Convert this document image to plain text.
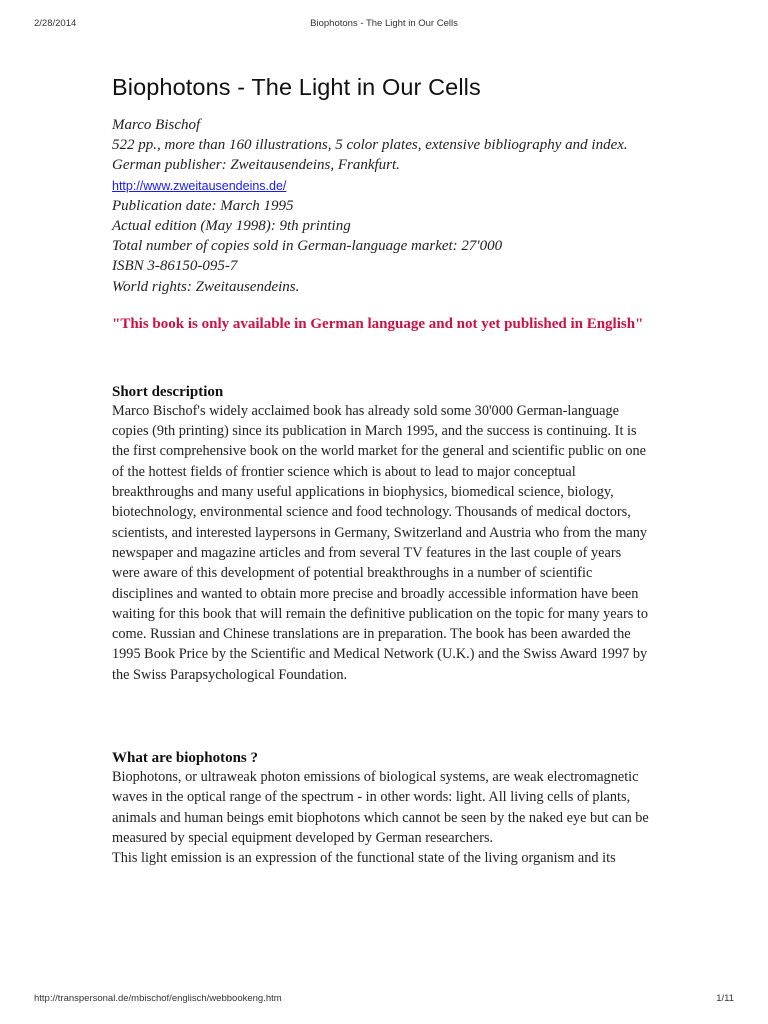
2/28/2014	Biophotons - The Light in Our Cells
Biophotons - The Light in Our Cells
Marco Bischof
522 pp., more than 160 illustrations, 5 color plates, extensive bibliography and index.
German publisher: Zweitausendeins, Frankfurt.
http://www.zweitausendeins.de/
Publication date: March 1995
Actual edition (May 1998): 9th printing
Total number of copies sold in German-language market: 27'000
ISBN 3-86150-095-7
World rights: Zweitausendeins.
"This book is only available in German language and not yet published in English"
Short description

Marco Bischof's widely acclaimed book has already sold some 30'000 German-language copies (9th printing) since its publication in March 1995, and the success is continuing. It is the first comprehensive book on the world market for the general and scientific public on one of the hottest fields of frontier science which is about to lead to major conceptual breakthroughs and many useful applications in biophysics, biomedical science, biology, biotechnology, environmental science and food technology. Thousands of medical doctors, scientists, and interested laypersons in Germany, Switzerland and Austria who from the many newspaper and magazine articles and from several TV features in the last couple of years were aware of this development of potential breakthroughs in a number of scientific disciplines and wanted to obtain more precise and broadly accessible information have been waiting for this book that will remain the definitive publication on the topic for many years to come. Russian and Chinese translations are in preparation. The book has been awarded the 1995 Book Price by the Scientific and Medical Network (U.K.) and the Swiss Award 1997 by the Swiss Parapsychological Foundation.

What are biophotons ?

Biophotons, or ultraweak photon emissions of biological systems, are weak electromagnetic waves in the optical range of the spectrum - in other words: light. All living cells of plants, animals and human beings emit biophotons which cannot be seen by the naked eye but can be measured by special equipment developed by German researchers.

This light emission is an expression of the functional state of the living organism and its

http://transpersonal.de/mbischof/englisch/webbookeng.htm	1/11
